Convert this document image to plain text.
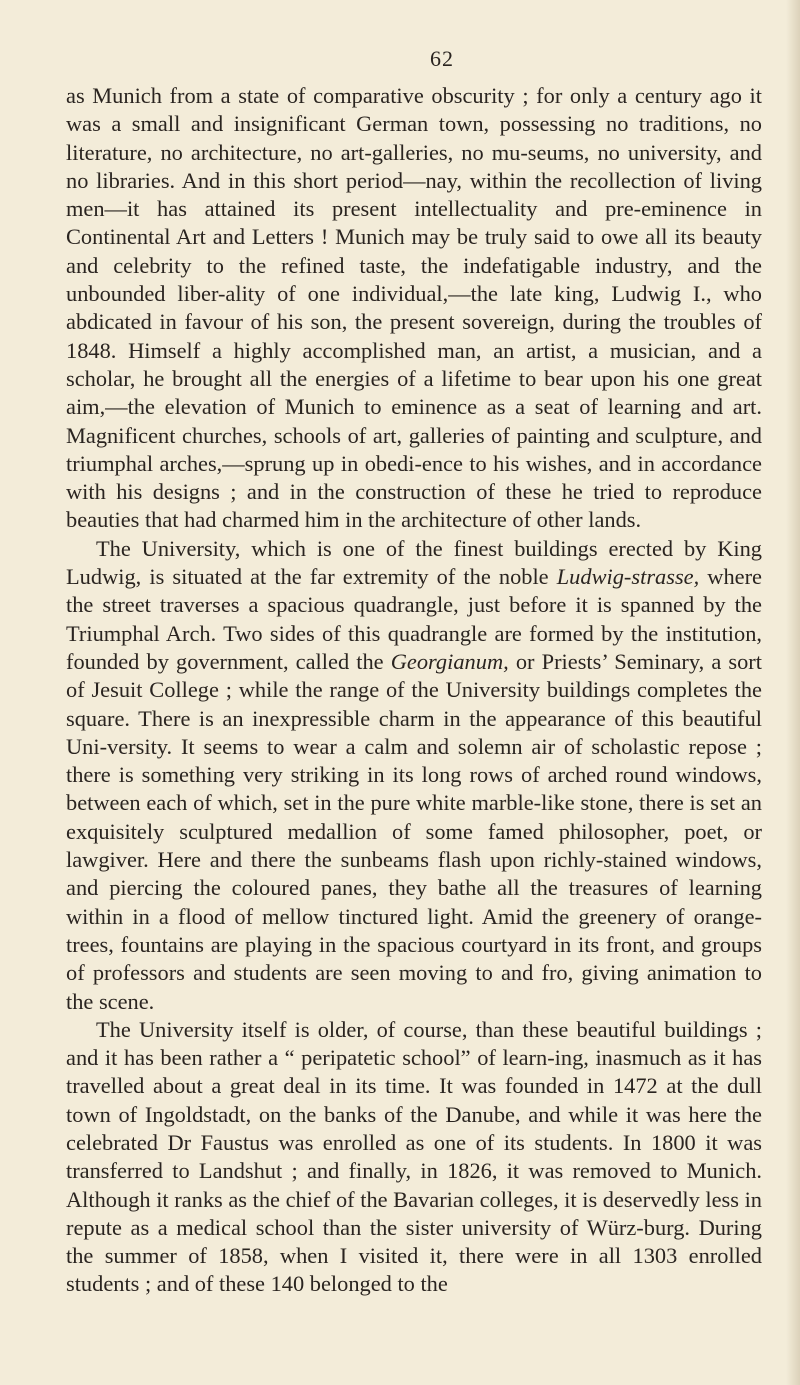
62

as Munich from a state of comparative obscurity ; for only a century ago it was a small and insignificant German town, possessing no traditions, no literature, no architecture, no art-galleries, no mu-seums, no university, and no libraries. And in this short period—nay, within the recollection of living men—it has attained its present intellectuality and pre-eminence in Continental Art and Letters ! Munich may be truly said to owe all its beauty and celebrity to the refined taste, the indefatigable industry, and the unbounded liber-ality of one individual,—the late king, Ludwig I., who abdicated in favour of his son, the present sovereign, during the troubles of 1848. Himself a highly accomplished man, an artist, a musician, and a scholar, he brought all the energies of a lifetime to bear upon his one great aim,—the elevation of Munich to eminence as a seat of learning and art. Magnificent churches, schools of art, galleries of painting and sculpture, and triumphal arches,—sprung up in obedi-ence to his wishes, and in accordance with his designs ; and in the construction of these he tried to reproduce beauties that had charmed him in the architecture of other lands.

The University, which is one of the finest buildings erected by King Ludwig, is situated at the far extremity of the noble Ludwig-strasse, where the street traverses a spacious quadrangle, just before it is spanned by the Triumphal Arch. Two sides of this quadrangle are formed by the institution, founded by government, called the Georgianum, or Priests’ Seminary, a sort of Jesuit College ; while the range of the University buildings completes the square. There is an inexpressible charm in the appearance of this beautiful Uni-versity. It seems to wear a calm and solemn air of scholastic repose ; there is something very striking in its long rows of arched round windows, between each of which, set in the pure white marble-like stone, there is set an exquisitely sculptured medallion of some famed philosopher, poet, or lawgiver. Here and there the sunbeams flash upon richly-stained windows, and piercing the coloured panes, they bathe all the treasures of learning within in a flood of mellow tinctured light. Amid the greenery of orange-trees, fountains are playing in the spacious courtyard in its front, and groups of professors and students are seen moving to and fro, giving animation to the scene.

The University itself is older, of course, than these beautiful buildings ; and it has been rather a “ peripatetic school” of learn-ing, inasmuch as it has travelled about a great deal in its time. It was founded in 1472 at the dull town of Ingoldstadt, on the banks of the Danube, and while it was here the celebrated Dr Faustus was enrolled as one of its students. In 1800 it was transferred to Landshut ; and finally, in 1826, it was removed to Munich. Although it ranks as the chief of the Bavarian colleges, it is deservedly less in repute as a medical school than the sister university of Würz-burg. During the summer of 1858, when I visited it, there were in all 1303 enrolled students ; and of these 140 belonged to the
